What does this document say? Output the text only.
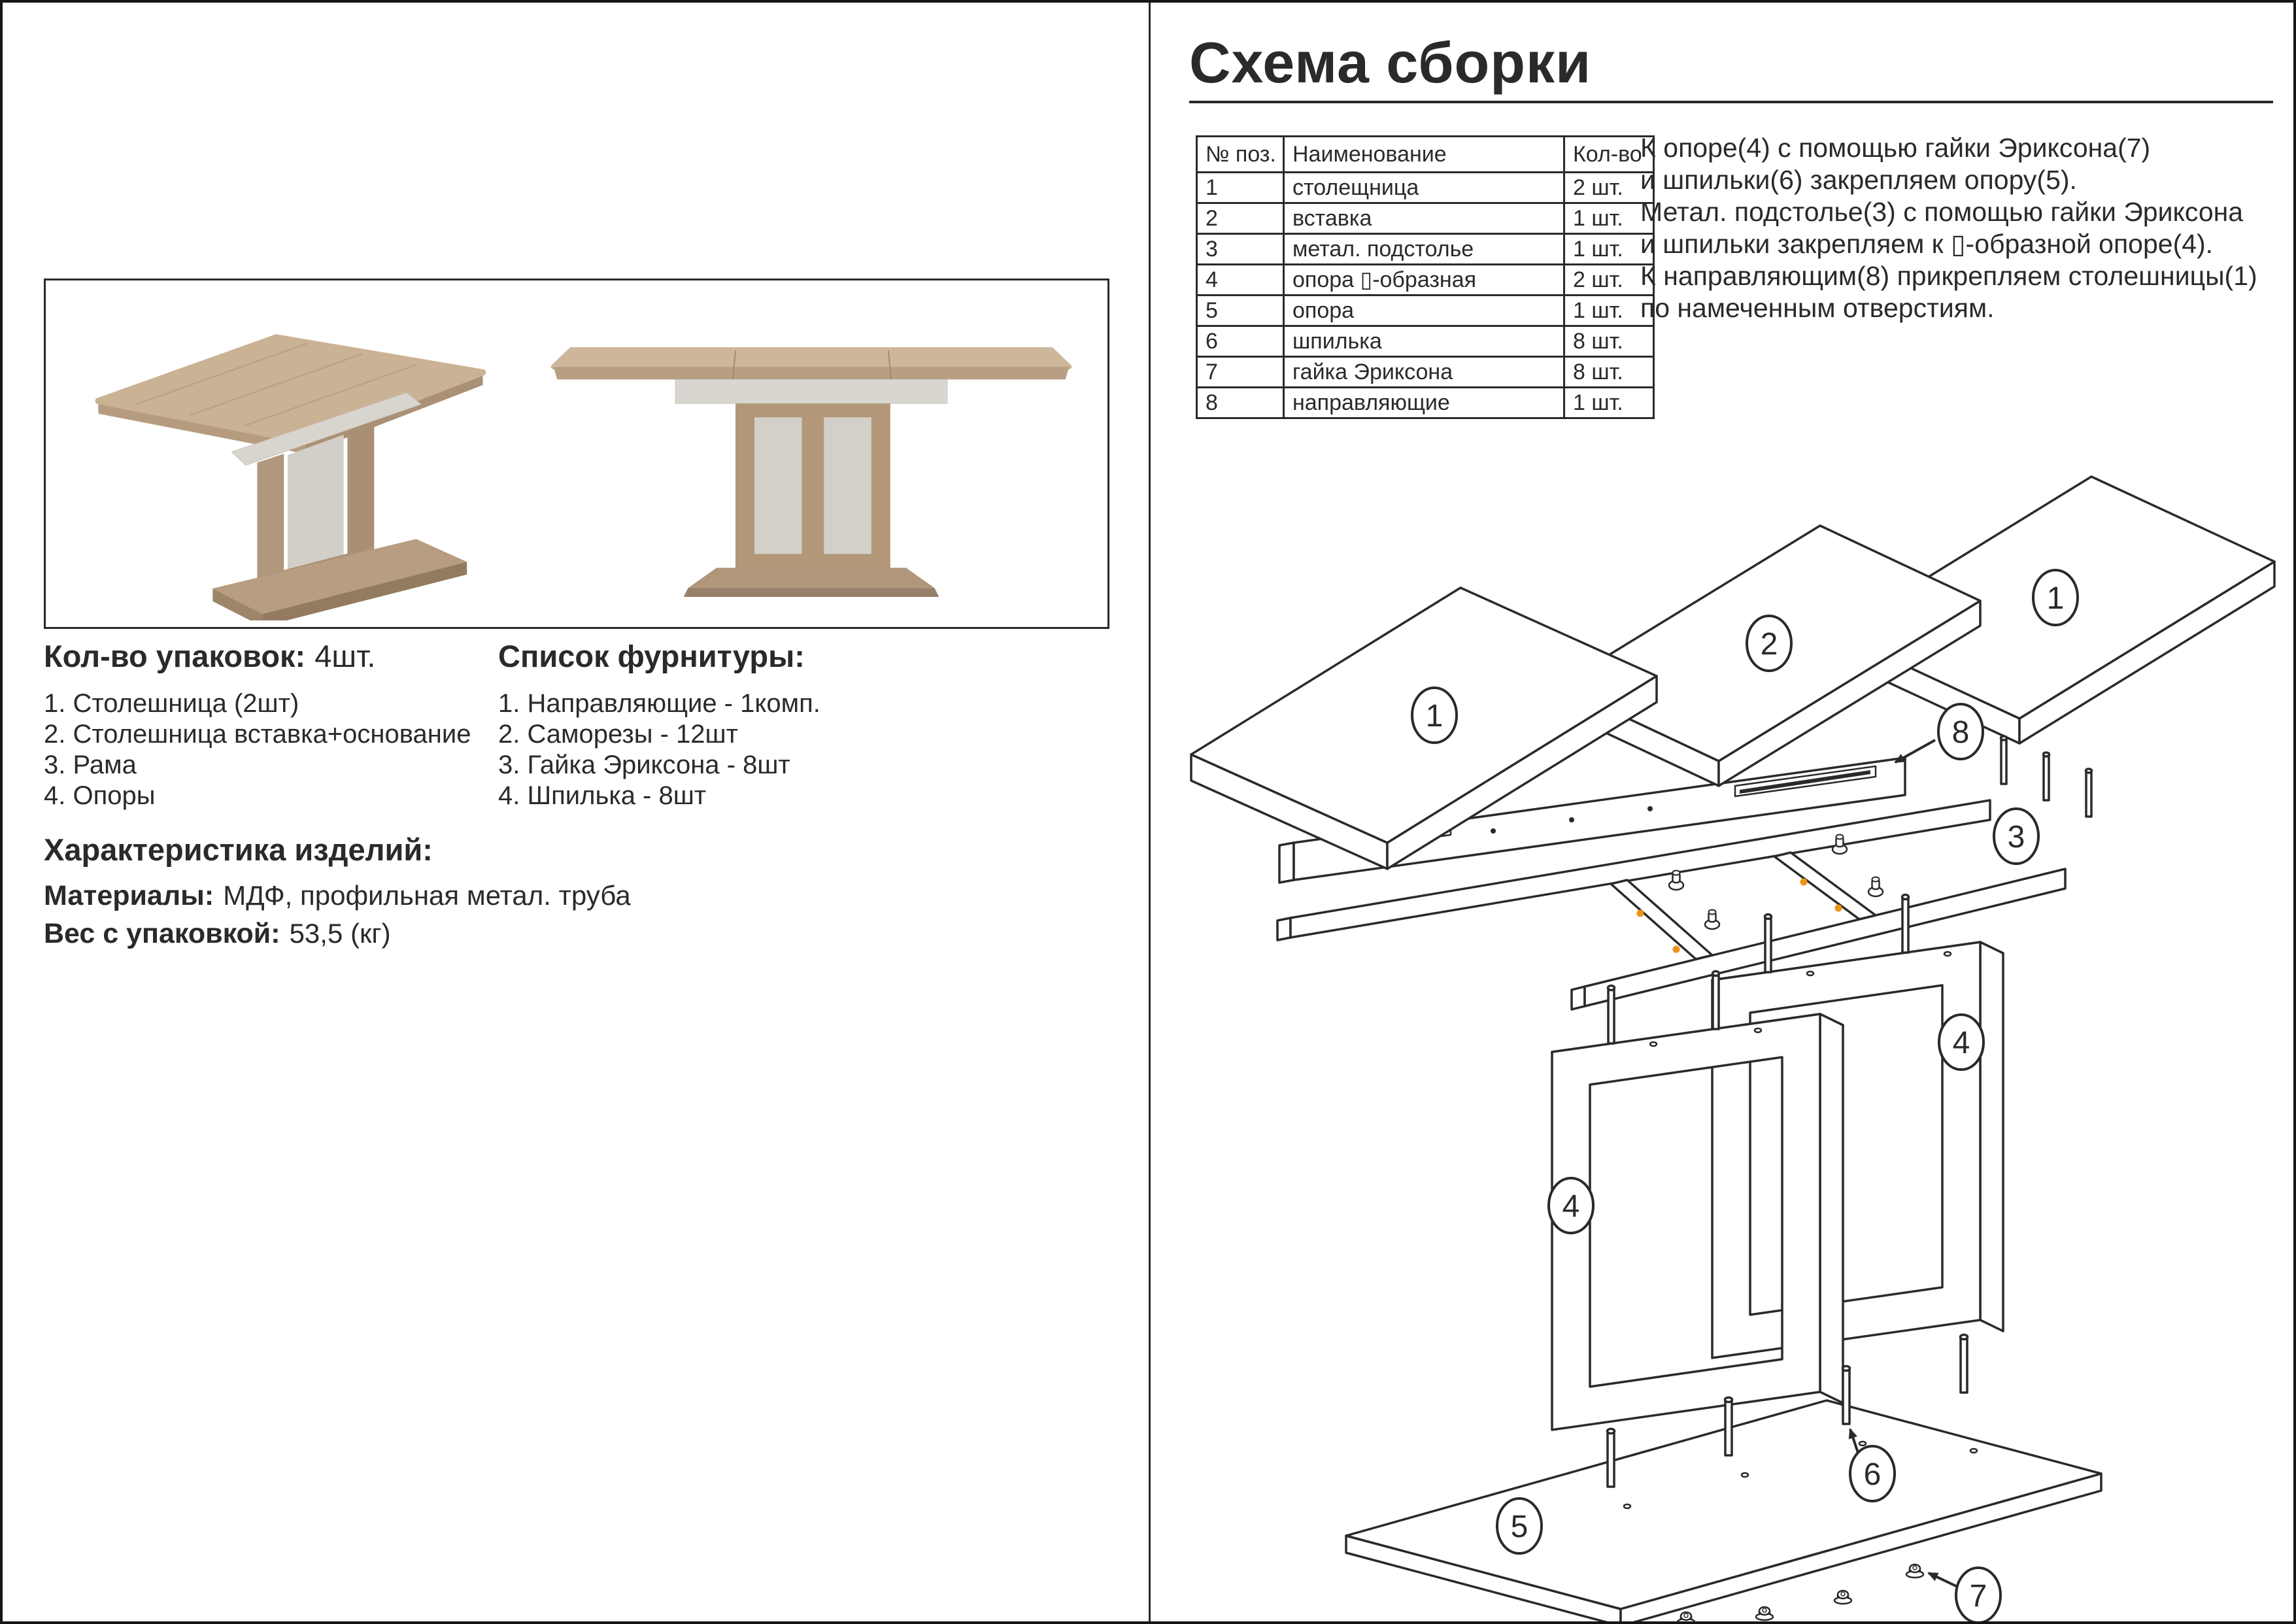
Кол-во упаковок: 4шт.
1. Столешница (2шт)
2. Столешница вставка+основание
3. Рама
4. Опоры
Список фурнитуры:
1. Направляющие - 1комп.
2. Саморезы - 12шт
3. Гайка Эриксона - 8шт
4. Шпилька - 8шт
Характеристика изделий:
Материалы: МДФ, профильная метал. труба
Вес с упаковкой: 53,5 (кг)
Схема сборки
№ поз.	Наименование	Кол-во
1	столещница	2 шт.
2	вставка	1 шт.
3	метал. подстолье	1 шт.
4	опора ▯-образная	2 шт.
5	опора	1 шт.
6	шпилька	8 шт.
7	гайка Эриксона	8 шт.
8	направляющие	1 шт.
К опоре(4) с помощью гайки Эриксона(7)
и шпильки(6) закрепляем опору(5).
Метал. подстолье(3) с помощью гайки Эриксона
и шпильки закрепляем к ▯-образной опоре(4).
К направляющим(8) прикрепляем столешницы(1)
по намеченным отверстиям.
1
2
1
8
3
4
4
5
6
7
